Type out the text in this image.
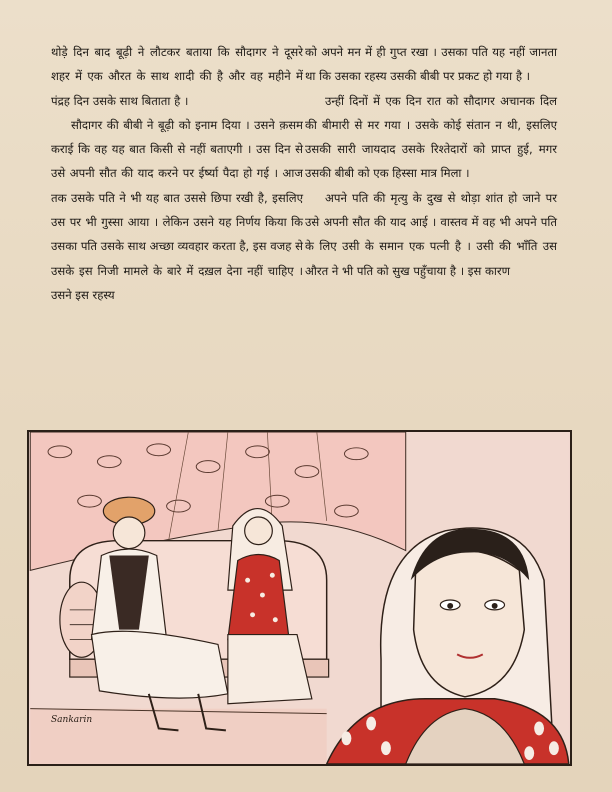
थोड़े दिन बाद बूढ़ी ने लौटकर बताया कि सौदागर ने दूसरे शहर में एक औरत के साथ शादी की है और वह महीने में पंद्रह दिन उसके साथ बिताता है ।

सौदागर की बीबी ने बूढ़ी को इनाम दिया । उसने क़सम कराई कि वह यह बात किसी से नहीं बताएगी । उस दिन से उसे अपनी सौत की याद करने पर ईर्ष्या पैदा हो गई । आज तक उसके पति ने भी यह बात उससे छिपा रखी है, इसलिए उस पर भी गुस्सा आया । लेकिन उसने यह निर्णय किया कि उसका पति उसके साथ अच्छा व्यवहार करता है, इस वजह से उसके इस निजी मामले के बारे में दख़ल देना नहीं चाहिए । उसने इस रहस्य

को अपने मन में ही गुप्त रखा । उसका पति यह नहीं जानता था कि उसका रहस्य उसकी बीबी पर प्रकट हो गया है ।

उन्हीं दिनों में एक दिन रात को सौदागर अचानक दिल की बीमारी से मर गया । उसके कोई संतान न थी, इसलिए उसकी सारी जायदाद उसके रिश्तेदारों को प्राप्त हुई, मगर उसकी बीबी को एक हिस्सा मात्र मिला ।

अपने पति की मृत्यु के दुख से थोड़ा शांत हो जाने पर उसे अपनी सौत की याद आई । वास्तव में वह भी अपने पति के लिए उसी के समान एक पत्नी है । उसी की भाँति उस औरत ने भी पति को सुख पहुँचाया है । इस कारण

Sankarin
